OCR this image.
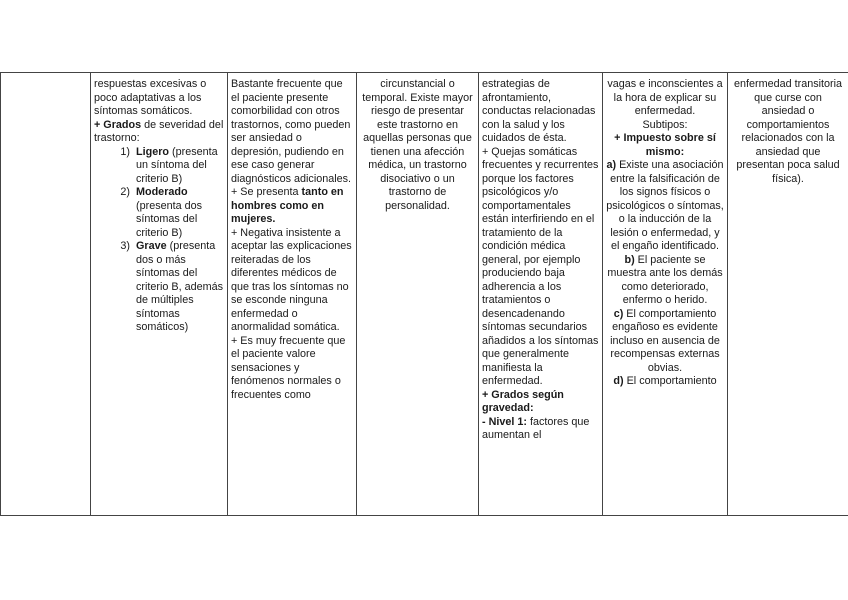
respuestas excesivas o poco adaptativas a los síntomas somáticos.
+ Grados de severidad del trastorno:
1) Ligero (presenta un síntoma del criterio B)
2) Moderado (presenta dos síntomas del criterio B)
3) Grave (presenta dos o más síntomas del criterio B, además de múltiples síntomas somáticos)

Bastante frecuente que el paciente presente comorbilidad con otros trastornos, como pueden ser ansiedad o depresión, pudiendo en ese caso generar diagnósticos adicionales.
+ Se presenta tanto en hombres como en mujeres.
+ Negativa insistente a aceptar las explicaciones reiteradas de los diferentes médicos de que tras los síntomas no se esconde ninguna enfermedad o anormalidad somática.
+ Es muy frecuente que el paciente valore sensaciones y fenómenos normales o frecuentes como

circunstancial o temporal. Existe mayor riesgo de presentar este trastorno en aquellas personas que tienen una afección médica, un trastorno disociativo o un trastorno de personalidad.

estrategias de afrontamiento, conductas relacionadas con la salud y los cuidados de ésta.
+ Quejas somáticas frecuentes y recurrentes porque los factores psicológicos y/o comportamentales están interfiriendo en el tratamiento de la condición médica general, por ejemplo produciendo baja adherencia a los tratamientos o desencadenando síntomas secundarios añadidos a los síntomas que generalmente manifiesta la enfermedad.
+ Grados según gravedad:
- Nivel 1: factores que aumentan el

vagas e inconscientes a la hora de explicar su enfermedad.
Subtipos:
+ Impuesto sobre sí mismo:
a) Existe una asociación entre la falsificación de los signos físicos o psicológicos o síntomas, o la inducción de la lesión o enfermedad, y el engaño identificado.
b) El paciente se muestra ante los demás como deteriorado, enfermo o herido.
c) El comportamiento engañoso es evidente incluso en ausencia de recompensas externas obvias.
d) El comportamiento

enfermedad transitoria que curse con ansiedad o comportamientos relacionados con la ansiedad que presentan poca salud física).
